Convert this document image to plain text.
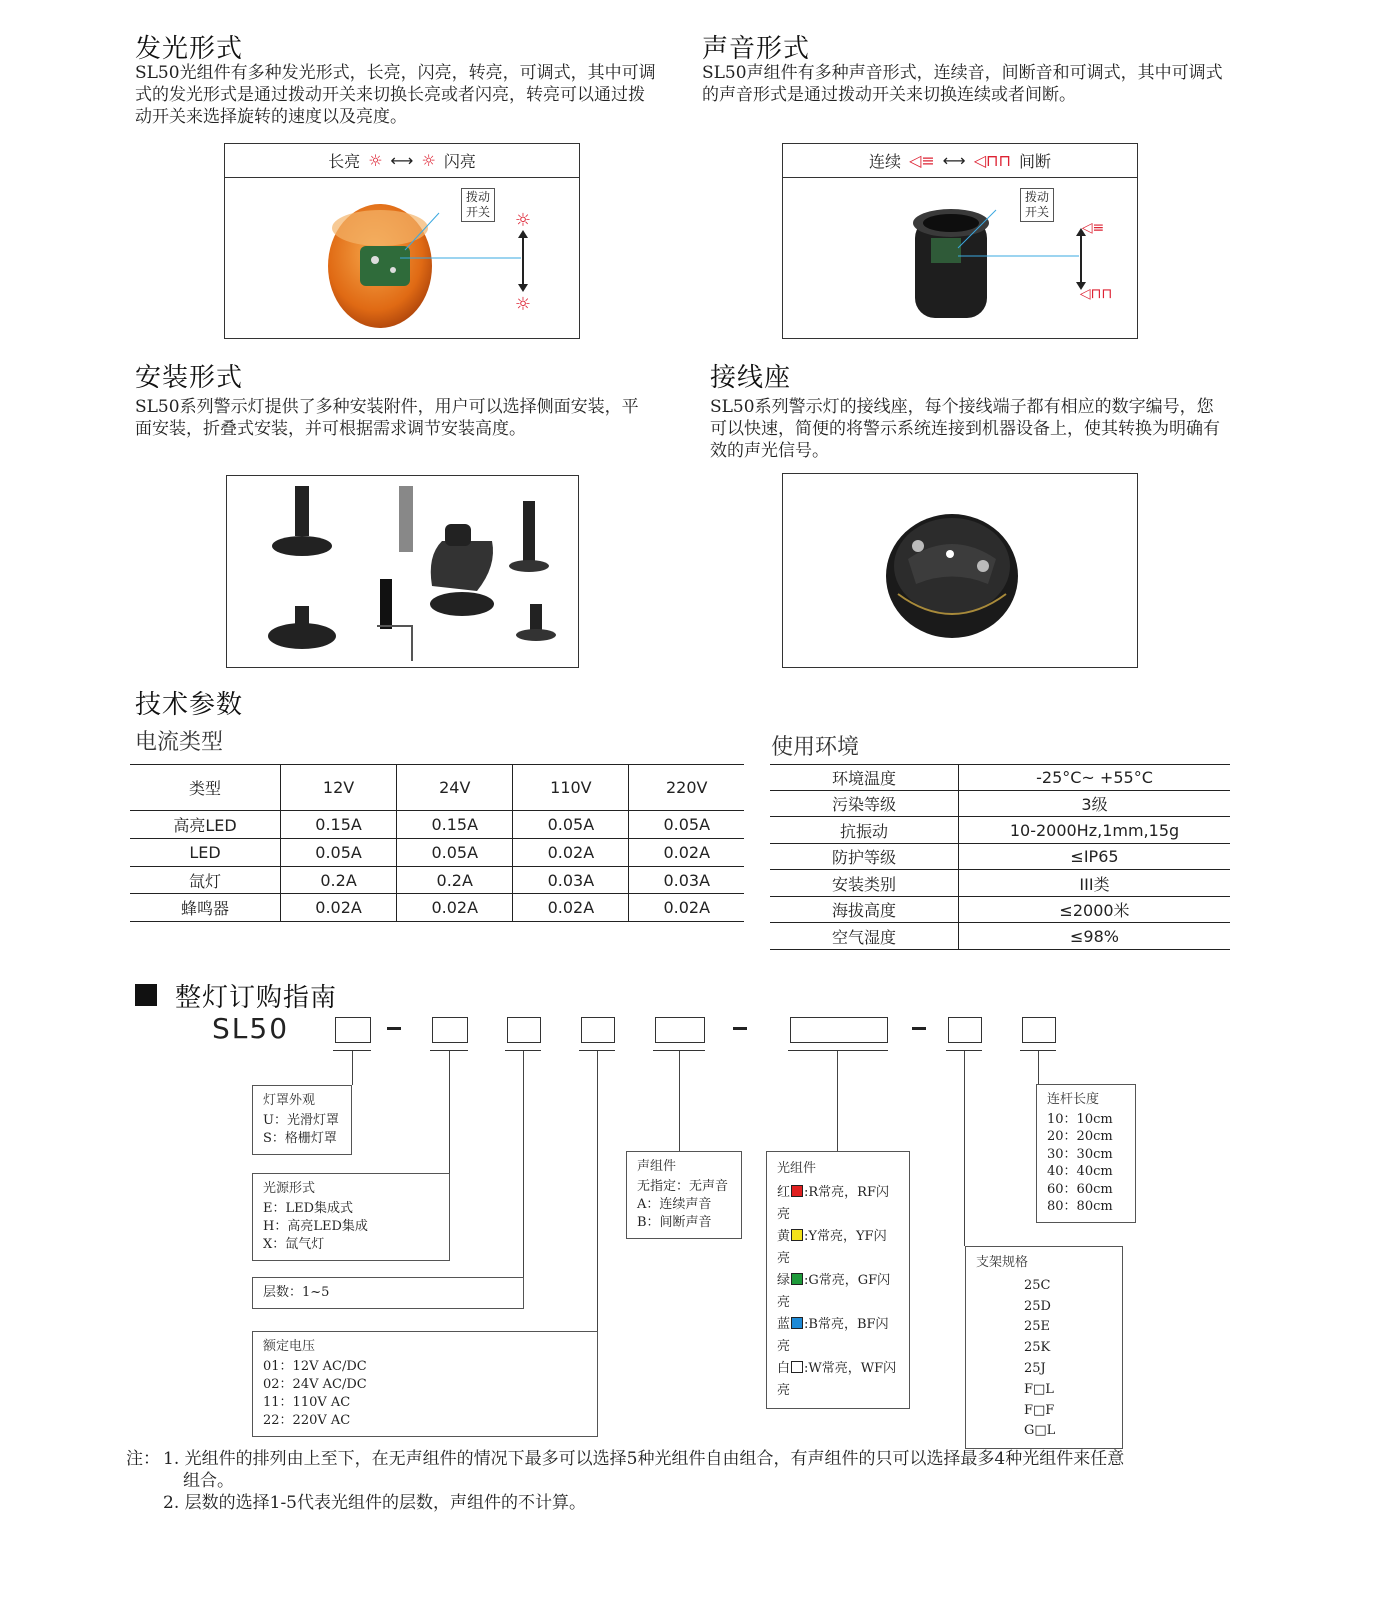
发光形式
SL50光组件有多种发光形式，长亮，闪亮，转亮，可调式，其中可调式的发光形式是通过拨动开关来切换长亮或者闪亮，转亮可以通过拨动开关来选择旋转的速度以及亮度。
长亮 ☼ ⟷ ☼ 闪亮
☼
☼
拨动
开关
声音形式
SL50声组件有多种声音形式，连续音，间断音和可调式，其中可调式的声音形式是通过拨动开关来切换连续或者间断。
连续 ◁≡ ⟷ ◁⊓⊓ 间断
◁≡
◁⊓⊓
拨动
开关
安装形式
SL50系列警示灯提供了多种安装附件，用户可以选择侧面安装，平面安装，折叠式安装，并可根据需求调节安装高度。
接线座
SL50系列警示灯的接线座，每个接线端子都有相应的数字编号，您可以快速，简便的将警示系统连接到机器设备上，使其转换为明确有效的声光信号。
技术参数
电流类型
类型	12V	24V	110V	220V
高亮LED	0.15A	0.15A	0.05A	0.05A
LED	0.05A	0.05A	0.02A	0.02A
氙灯	0.2A	0.2A	0.03A	0.03A
蜂鸣器	0.02A	0.02A	0.02A	0.02A
使用环境
环境温度	-25°C~ +55°C
污染等级	3级
抗振动	10-2000Hz,1mm,15g
防护等级	≤IP65
安装类别	III类
海拔高度	≤2000米
空气湿度	≤98%
整灯订购指南
SL50
灯罩外观
U：光滑灯罩
S：格栅灯罩
光源形式
E：LED集成式
H：高亮LED集成
X：氙气灯
层数：1~5
额定电压
01：12V AC/DC
02：24V AC/DC
11：110V AC
22：220V AC
声组件
无指定：无声音
A：连续声音
B：间断声音
光组件
红 :R常亮，RF闪亮
黄 :Y常亮，YF闪亮
绿 :G常亮，GF闪亮
蓝 :B常亮，BF闪亮
白 :W常亮，WF闪亮
支架规格
25C
25D
25E
25K
25J
F□L
F□F
G□L
连杆长度
10：10cm
20：20cm
30：30cm
40：40cm
60：60cm
80：80cm
注： 1. 光组件的排列由上至下，在无声组件的情况下最多可以选择5种光组件自由组合，有声组件的只可以选择最多4种光组件来任意
组合。
2. 层数的选择1-5代表光组件的层数，声组件的不计算。
